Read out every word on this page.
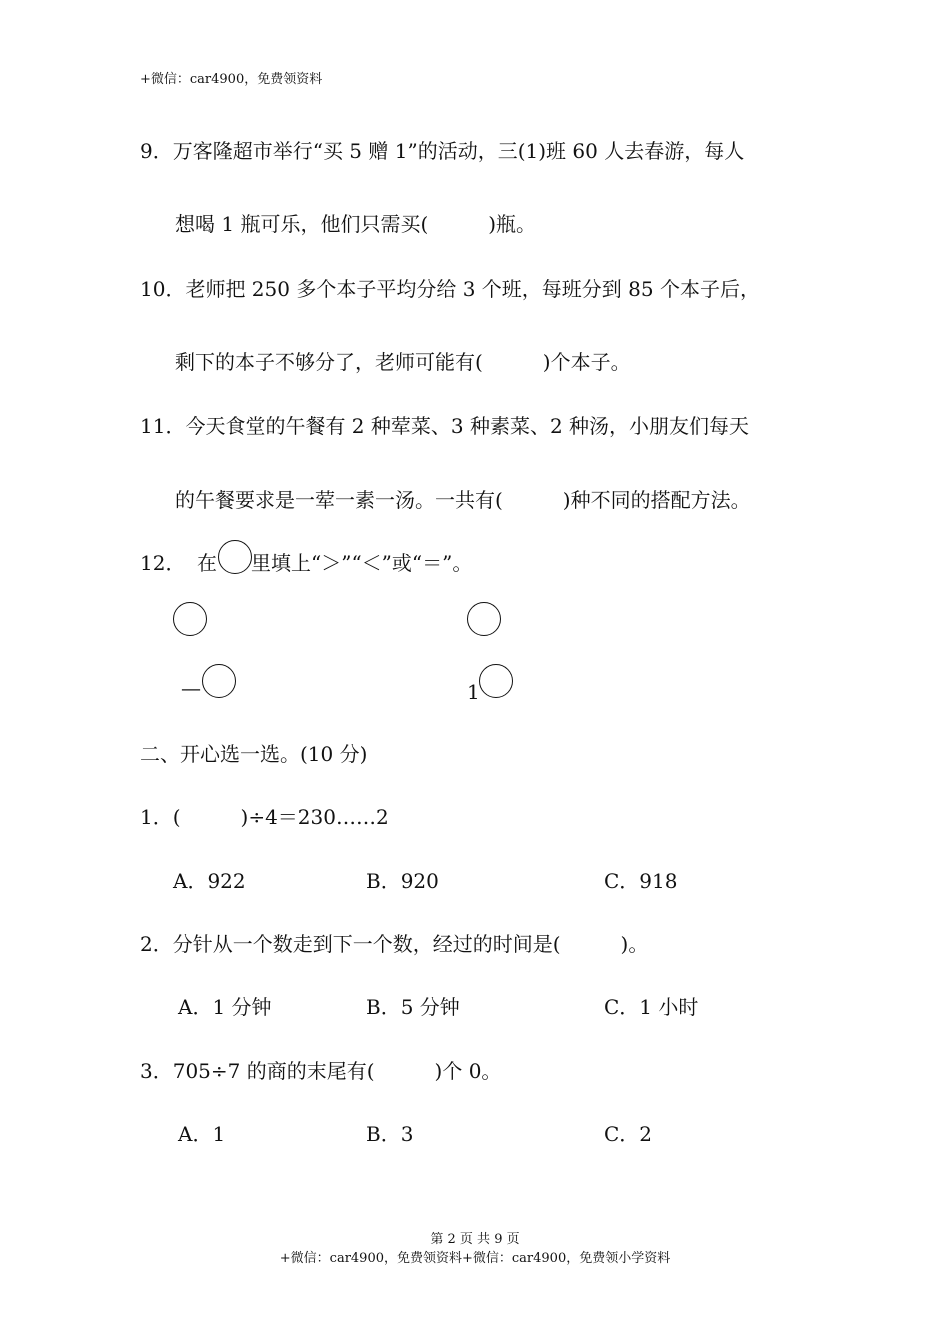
+微信：car4900，免费领资料
9．万客隆超市举行“买 5 赠 1”的活动，三(1)班 60 人去春游，每人
想喝 1 瓶可乐，他们只需买(　　　)瓶。
10．老师把 250 多个本子平均分给 3 个班，每班分到 85 个本子后，
剩下的本子不够分了，老师可能有(　　　)个本子。
11．今天食堂的午餐有 2 种荤菜、3 种素菜、2 种汤，小朋友们每天
的午餐要求是一荤一素一汤。一共有(　　　)种不同的搭配方法。
12． 在 里填上“＞”“＜”或“＝”。
—	1
二、开心选一选。(10 分)
1．(　　　)÷4＝230……2
A．922	B．920	C．918
2．分针从一个数走到下一个数，经过的时间是(　　　)。
A．1 分钟	B．5 分钟	C．1 小时
3．705÷7 的商的末尾有(　　　)个 0。
A．1	B．3	C．2
第 2 页 共 9 页
+微信：car4900，免费领资料+微信：car4900，免费领小学资料
